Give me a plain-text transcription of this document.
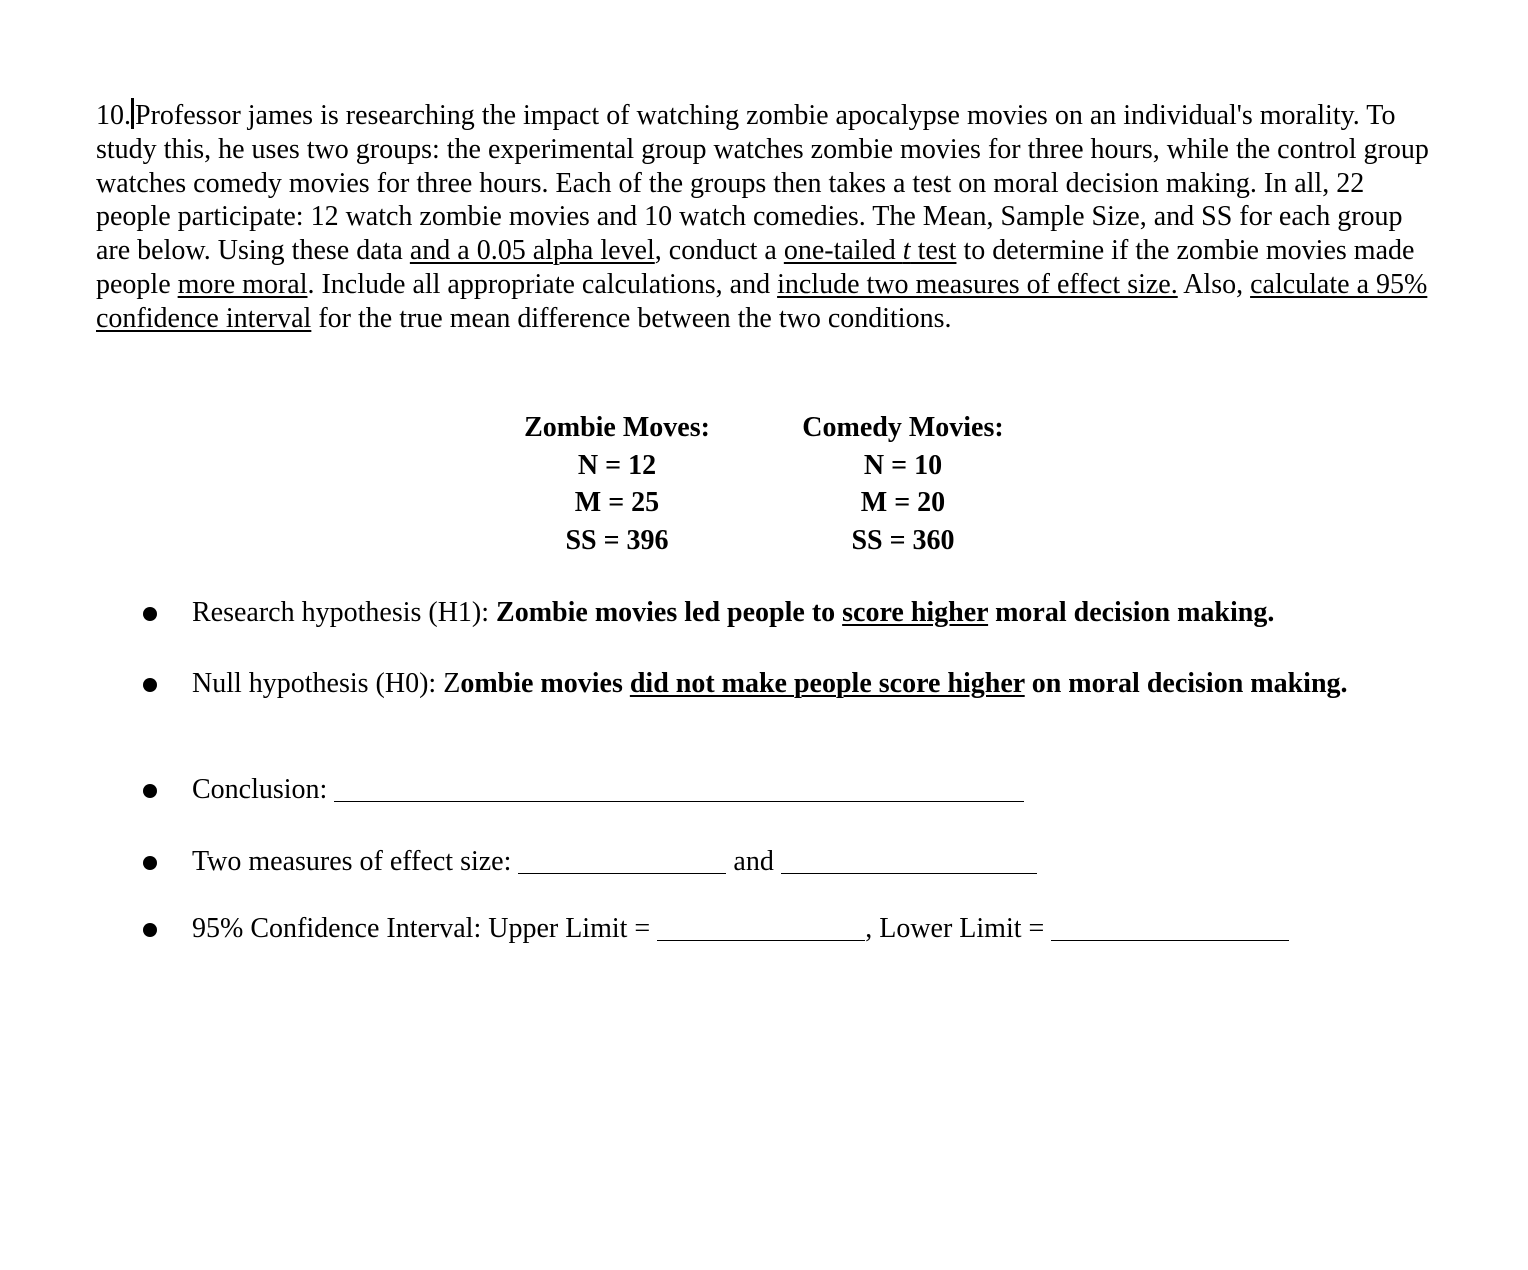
10. Professor james is researching the impact of watching zombie apocalypse movies on an individual's morality. To study this, he uses two groups: the experimental group watches zombie movies for three hours, while the control group watches comedy movies for three hours. Each of the groups then takes a test on moral decision making. In all, 22 people participate: 12 watch zombie movies and 10 watch comedies. The Mean, Sample Size, and SS for each group are below. Using these data and a 0.05 alpha level, conduct a one-tailed t test to determine if the zombie movies made people more moral. Include all appropriate calculations, and include two measures of effect size. Also, calculate a 95% confidence interval for the true mean difference between the two conditions.
Zombie Moves:
N = 12
M = 25
SS = 396
Comedy Movies:
N = 10
M = 20
SS = 360
Research hypothesis (H1): Zombie movies led people to score higher moral decision making.
Null hypothesis (H0): Zombie movies did not make people score higher on moral decision making.
Conclusion:
Two measures of effect size:	and
95% Confidence Interval: Upper Limit =	, Lower Limit =
